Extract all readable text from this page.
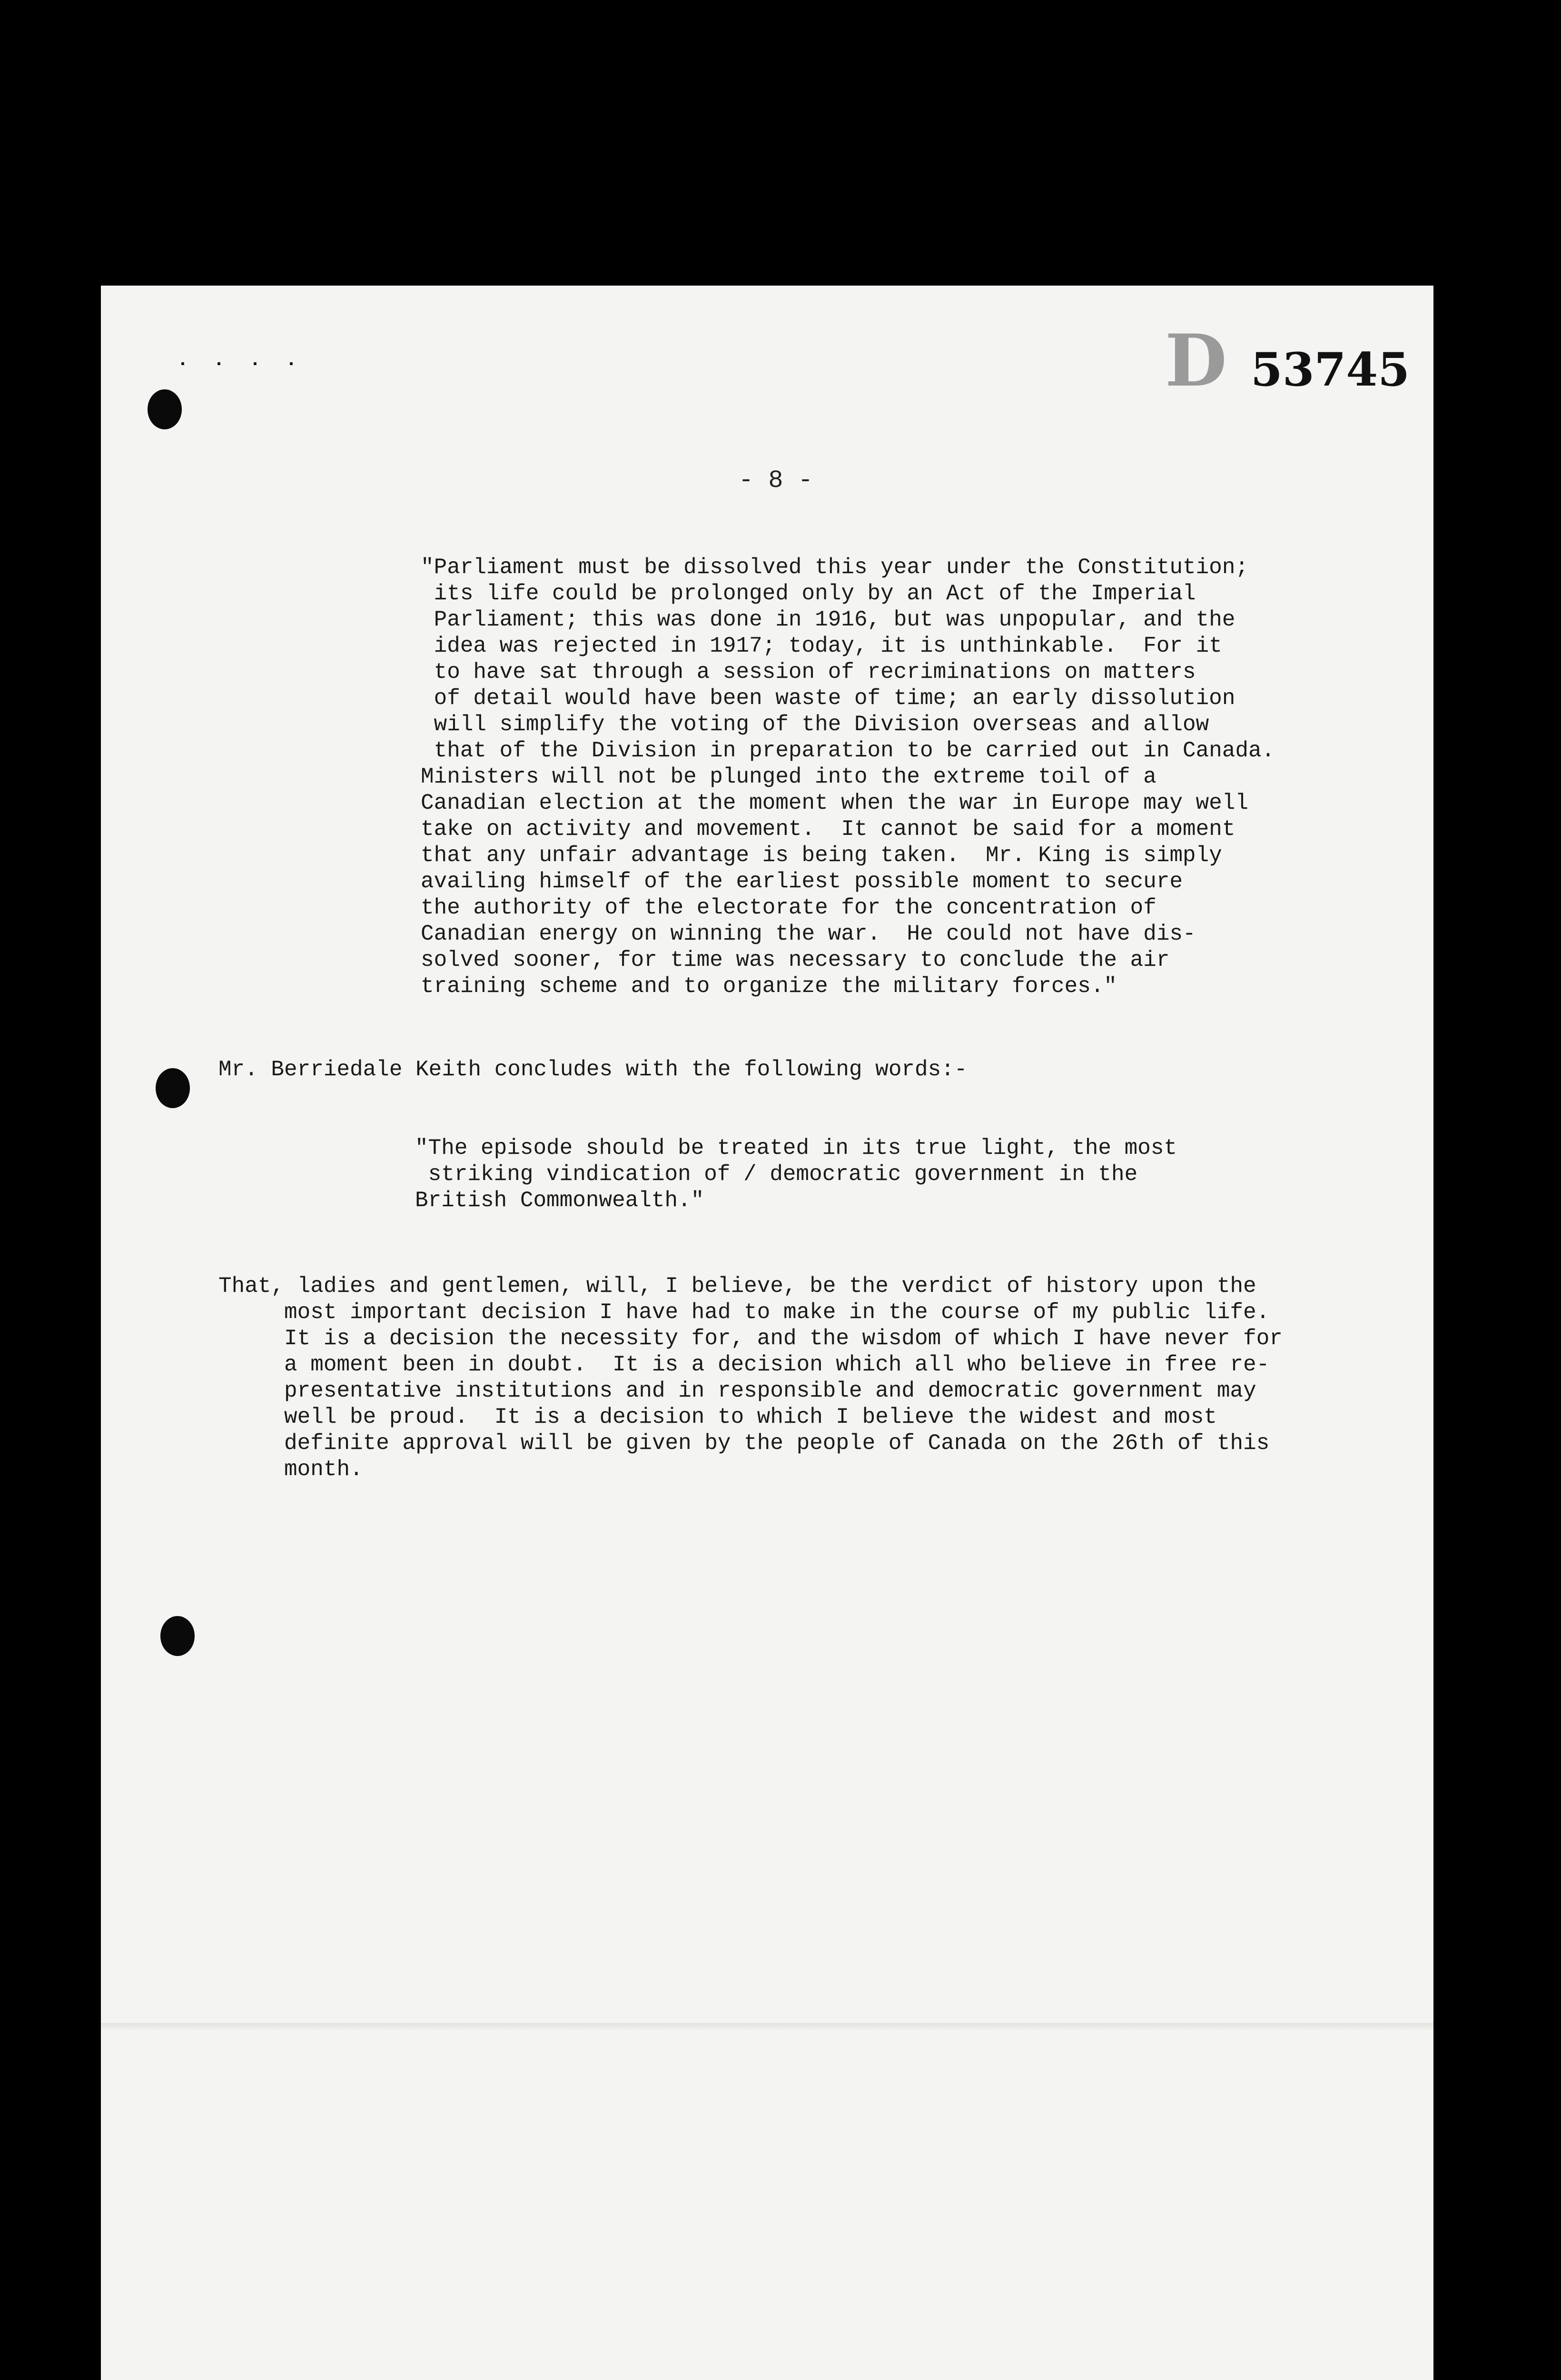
. . . .	D 53745
- 8 -
"Parliament must be dissolved this year under the Constitution;
its life could be prolonged only by an Act of the Imperial
Parliament; this was done in 1916, but was unpopular, and the
idea was rejected in 1917; today, it is unthinkable.  For it
to have sat through a session of recriminations on matters
of detail would have been waste of time; an early dissolution
will simplify the voting of the Division overseas and allow
that of the Division in preparation to be carried out in Canada.
Ministers will not be plunged into the extreme toil of a
Canadian election at the moment when the war in Europe may well
take on activity and movement.  It cannot be said for a moment
that any unfair advantage is being taken.  Mr. King is simply
availing himself of the earliest possible moment to secure
the authority of the electorate for the concentration of
Canadian energy on winning the war.  He could not have dis-
solved sooner, for time was necessary to conclude the air
training scheme and to organize the military forces."
Mr. Berriedale Keith concludes with the following words:-
"The episode should be treated in its true light, the most
striking vindication of / democratic government in the
British Commonwealth."
That, ladies and gentlemen, will, I believe, be the verdict of history upon the
most important decision I have had to make in the course of my public life.
It is a decision the necessity for, and the wisdom of which I have never for
a moment been in doubt.  It is a decision which all who believe in free re-
presentative institutions and in responsible and democratic government may
well be proud.  It is a decision to which I believe the widest and most
definite approval will be given by the people of Canada on the 26th of this
month.
